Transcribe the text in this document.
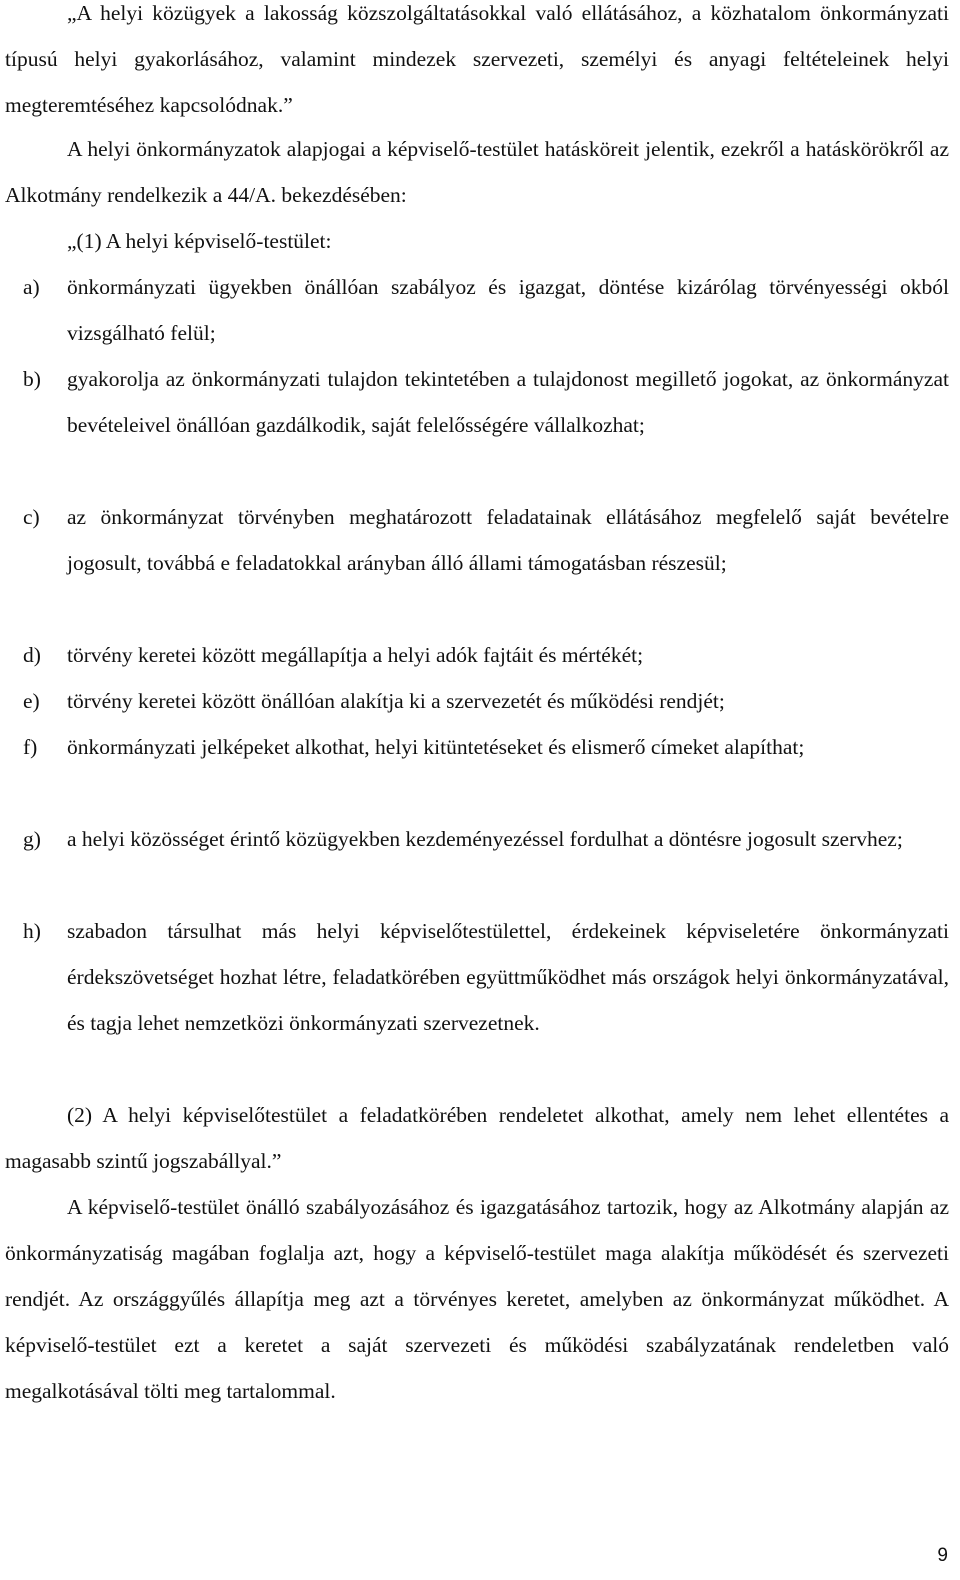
„A helyi közügyek a lakosság közszolgáltatásokkal való ellátásához, a közhatalom önkormányzati típusú helyi gyakorlásához, valamint mindezek szervezeti, személyi és anyagi feltételeinek helyi megteremtéséhez kapcsolódnak.”
A helyi önkormányzatok alapjogai a képviselő-testület hatásköreit jelentik, ezekről a hatáskörökről az Alkotmány rendelkezik a 44/A. bekezdésében:
„(1) A helyi képviselő-testület:
a) önkormányzati ügyekben önállóan szabályoz és igazgat, döntése kizárólag törvényességi okból vizsgálható felül;
b) gyakorolja az önkormányzati tulajdon tekintetében a tulajdonost megillető jogokat, az önkormányzat bevételeivel önállóan gazdálkodik, saját felelősségére vállalkozhat;
c) az önkormányzat törvényben meghatározott feladatainak ellátásához megfelelő saját bevételre jogosult, továbbá e feladatokkal arányban álló állami támogatásban részesül;
d) törvény keretei között megállapítja a helyi adók fajtáit és mértékét;
e) törvény keretei között önállóan alakítja ki a szervezetét és működési rendjét;
f) önkormányzati jelképeket alkothat, helyi kitüntetéseket és elismerő címeket alapíthat;
g) a helyi közösséget érintő közügyekben kezdeményezéssel fordulhat a döntésre jogosult szervhez;
h) szabadon társulhat más helyi képviselőtestülettel, érdekeinek képviseletére önkormányzati érdekszövetséget hozhat létre, feladatkörében együttműködhet más országok helyi önkormányzatával, és tagja lehet nemzetközi önkormányzati szervezetnek.
(2) A helyi képviselőtestület a feladatkörében rendeletet alkothat, amely nem lehet ellentétes a magasabb szintű jogszabállyal.”
A képviselő-testület önálló szabályozásához és igazgatásához tartozik, hogy az Alkotmány alapján az önkormányzatiság magában foglalja azt, hogy a képviselő-testület maga alakítja működését és szervezeti rendjét. Az országgyűlés állapítja meg azt a törvényes keretet, amelyben az önkormányzat működhet. A képviselő-testület ezt a keretet a saját szervezeti és működési szabályzatának rendeletben való megalkotásával tölti meg tartalommal.
9
